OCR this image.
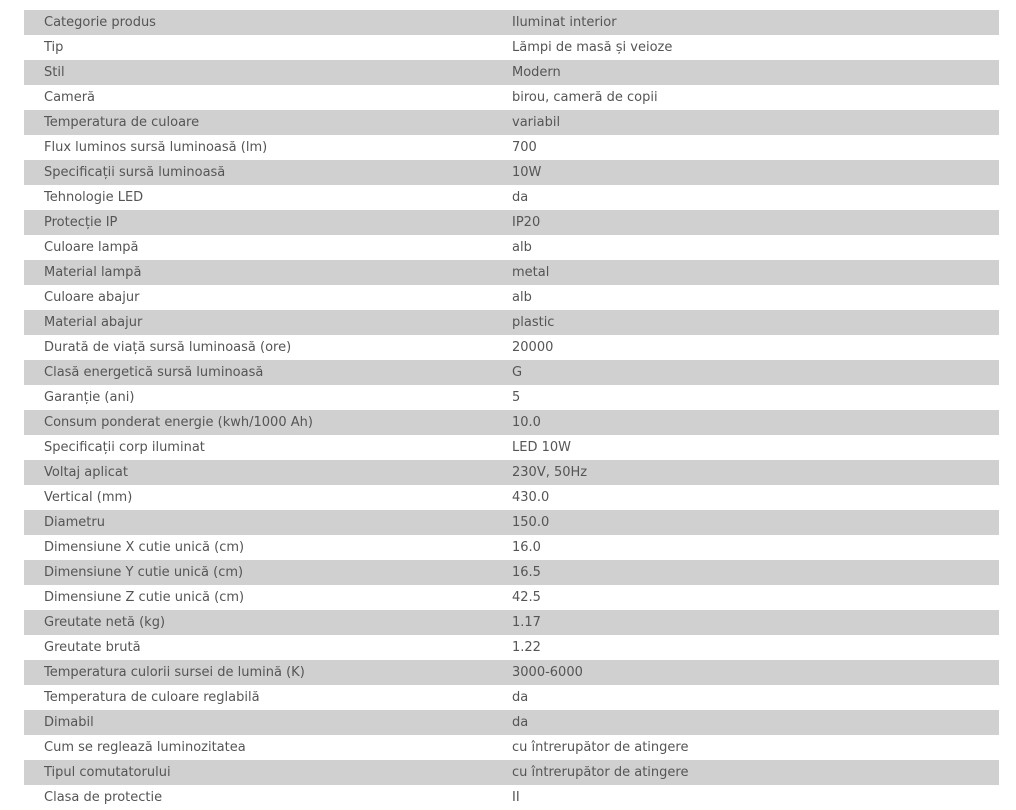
Categorie produs	Iluminat interior
Tip	Lămpi de masă și veioze
Stil	Modern
Cameră	birou, cameră de copii
Temperatura de culoare	variabil
Flux luminos sursă luminoasă (lm)	700
Specificații sursă luminoasă	10W
Tehnologie LED	da
Protecție IP	IP20
Culoare lampă	alb
Material lampă	metal
Culoare abajur	alb
Material abajur	plastic
Durată de viață sursă luminoasă (ore)	20000
Clasă energetică sursă luminoasă	G
Garanție (ani)	5
Consum ponderat energie (kwh/1000 Ah)	10.0
Specificații corp iluminat	LED 10W
Voltaj aplicat	230V, 50Hz
Vertical (mm)	430.0
Diametru	150.0
Dimensiune X cutie unică (cm)	16.0
Dimensiune Y cutie unică (cm)	16.5
Dimensiune Z cutie unică (cm)	42.5
Greutate netă (kg)	1.17
Greutate brută	1.22
Temperatura culorii sursei de lumină (K)	3000-6000
Temperatura de culoare reglabilă	da
Dimabil	da
Cum se reglează luminozitatea	cu întrerupător de atingere
Tipul comutatorului	cu întrerupător de atingere
Clasa de protectie	II
